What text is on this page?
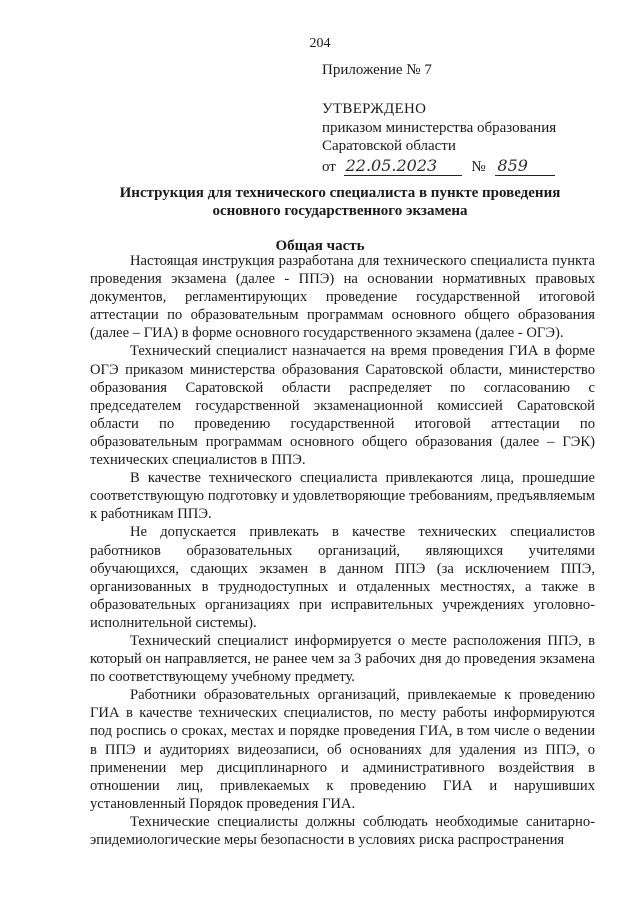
204
Приложение № 7
УТВЕРЖДЕНО
приказом министерства образования
Саратовской области
от 22.05.2023 № 859
Инструкция для технического специалиста в пункте проведения
основного государственного экзамена
Общая часть

Настоящая инструкция разработана для технического специалиста пункта проведения экзамена (далее - ППЭ) на основании нормативных правовых документов, регламентирующих проведение государственной итоговой аттестации по образовательным программам основного общего образования (далее – ГИА) в форме основного государственного экзамена (далее - ОГЭ).

Технический специалист назначается на время проведения ГИА в форме ОГЭ приказом министерства образования Саратовской области, министерство образования Саратовской области распределяет по согласованию с председателем государственной экзаменационной комиссией Саратовской области по проведению государственной итоговой аттестации по образовательным программам основного общего образования (далее – ГЭК) технических специалистов в ППЭ.

В качестве технического специалиста привлекаются лица, прошедшие соответствующую подготовку и удовлетворяющие требованиям, предъявляемым к работникам ППЭ.

Не допускается привлекать в качестве технических специалистов работников образовательных организаций, являющихся учителями обучающихся, сдающих экзамен в данном ППЭ (за исключением ППЭ, организованных в труднодоступных и отдаленных местностях, а также в образовательных организациях при исправительных учреждениях уголовно-исполнительной системы).

Технический специалист информируется о месте расположения ППЭ, в который он направляется, не ранее чем за 3 рабочих дня до проведения экзамена по соответствующему учебному предмету.

Работники образовательных организаций, привлекаемые к проведению ГИА в качестве технических специалистов, по месту работы информируются под роспись о сроках, местах и порядке проведения ГИА, в том числе о ведении в ППЭ и аудиториях видеозаписи, об основаниях для удаления из ППЭ, о применении мер дисциплинарного и административного воздействия в отношении лиц, привлекаемых к проведению ГИА и нарушивших установленный Порядок проведения ГИА.

Технические специалисты должны соблюдать необходимые санитарно-эпидемиологические меры безопасности в условиях риска распространения
